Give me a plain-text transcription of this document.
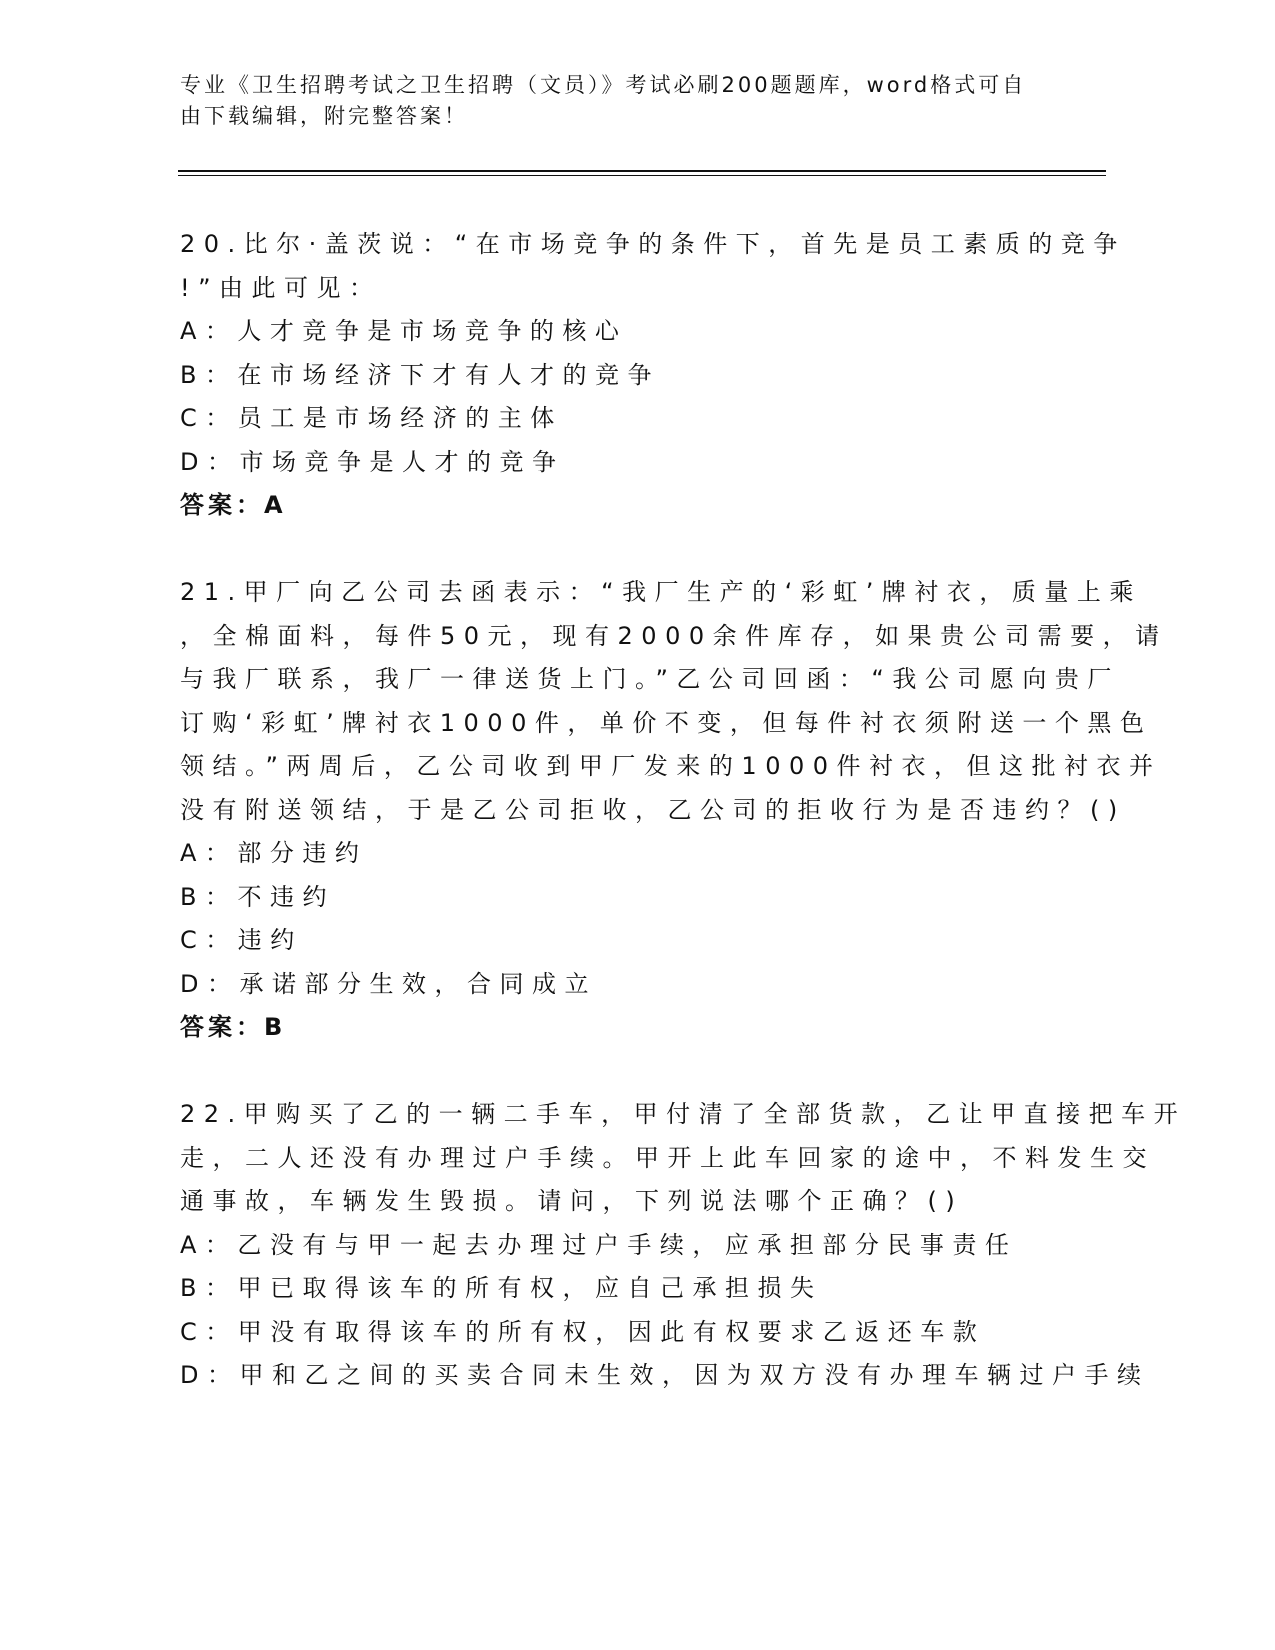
专业《卫生招聘考试之卫生招聘（文员）》考试必刷200题题库，word格式可自
由下载编辑，附完整答案！
20.比尔·盖茨说：“在市场竞争的条件下，首先是员工素质的竞争
!”由此可见：
A：人才竞争是市场竞争的核心
B：在市场经济下才有人才的竞争
C：员工是市场经济的主体
D：市场竞争是人才的竞争
答案：A
21.甲厂向乙公司去函表示：“我厂生产的‘彩虹’牌衬衣，质量上乘
，全棉面料，每件50元，现有2000余件库存，如果贵公司需要，请
与我厂联系，我厂一律送货上门。”乙公司回函：“我公司愿向贵厂
订购‘彩虹’牌衬衣1000件，单价不变，但每件衬衣须附送一个黑色
领结。”两周后，乙公司收到甲厂发来的1000件衬衣，但这批衬衣并
没有附送领结，于是乙公司拒收，乙公司的拒收行为是否违约？()
A：部分违约
B：不违约
C：违约
D：承诺部分生效，合同成立
答案：B
22.甲购买了乙的一辆二手车，甲付清了全部货款，乙让甲直接把车开
走，二人还没有办理过户手续。甲开上此车回家的途中，不料发生交
通事故，车辆发生毁损。请问，下列说法哪个正确？()
A：乙没有与甲一起去办理过户手续，应承担部分民事责任
B：甲已取得该车的所有权，应自己承担损失
C：甲没有取得该车的所有权，因此有权要求乙返还车款
D：甲和乙之间的买卖合同未生效，因为双方没有办理车辆过户手续
